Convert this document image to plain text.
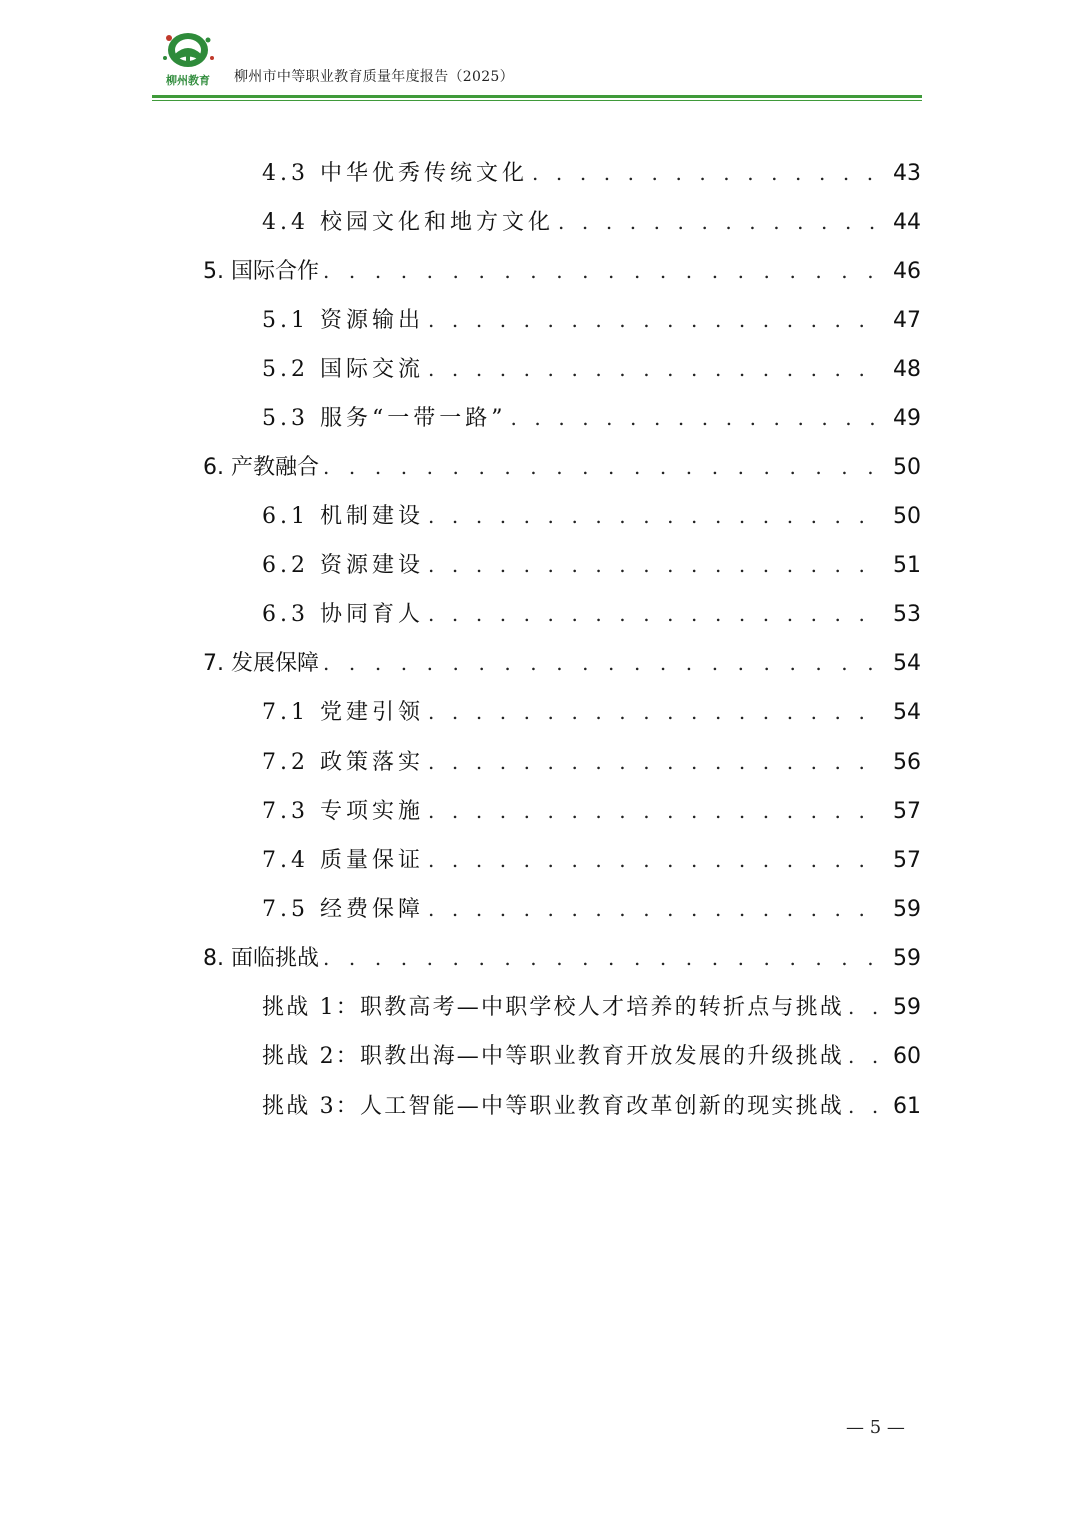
柳州教育 柳州市中等职业教育质量年度报告（2025）
4.3 中华优秀传统文化 . . .	43
4.4 校园文化和地方文化 . . .	44
5. 国际合作 . . .	46
5.1 资源输出 . . .	47
5.2 国际交流 . . .	48
5.3 服务“一带一路” . . .	49
6. 产教融合 . . .	50
6.1 机制建设 . . .	50
6.2 资源建设 . . .	51
6.3 协同育人 . . .	53
7. 发展保障 . . .	54
7.1 党建引领 . . .	54
7.2 政策落实 . . .	56
7.3 专项实施 . . .	57
7.4 质量保证 . . .	57
7.5 经费保障 . . .	59
8. 面临挑战 . . .	59
挑战 1：职教高考—中职学校人才培养的转折点与挑战 . . . 59
挑战 2：职教出海—中等职业教育开放发展的升级挑战 . . . 60
挑战 3：人工智能—中等职业教育改革创新的现实挑战 . . . 61
— 5 —
